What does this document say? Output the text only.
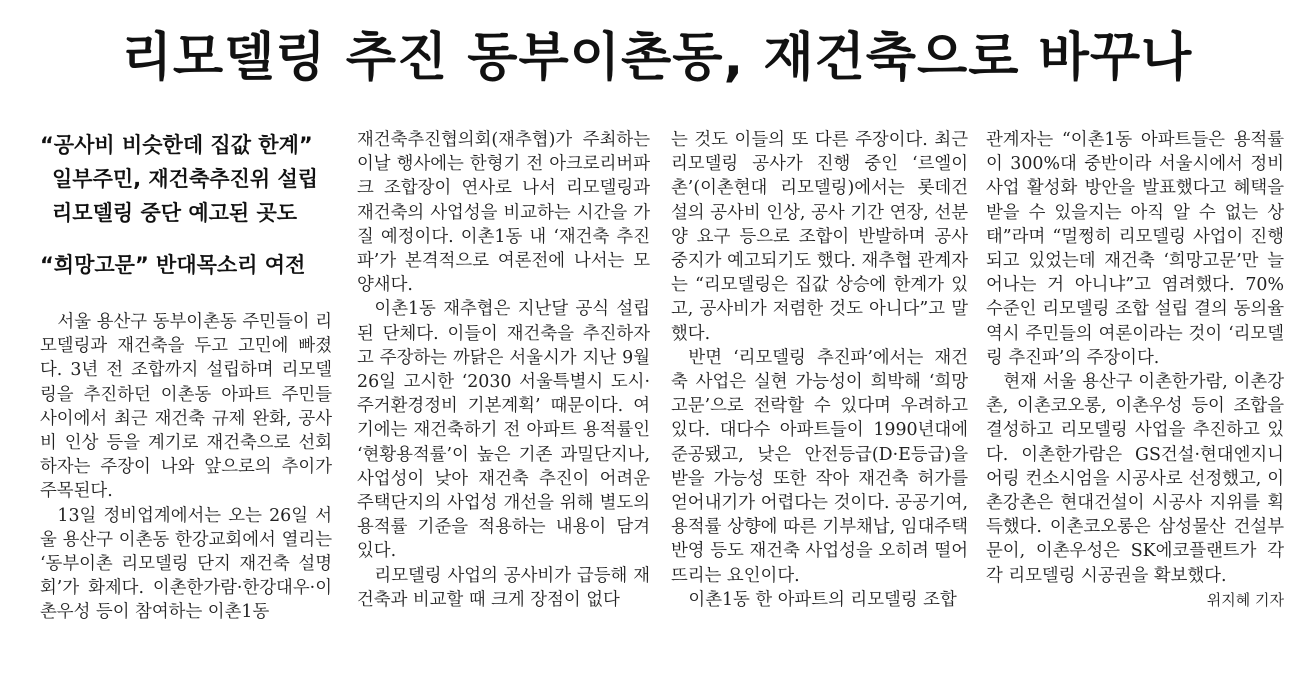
리모델링 추진 동부이촌동, 재건축으로 바꾸나
“공사비 비슷한데 집값 한계”
일부주민, 재건축추진위 설립
리모델링 중단 예고된 곳도
“희망고문” 반대목소리 여전

서울 용산구 동부이촌동 주민들이 리모델링과 재건축을 두고 고민에 빠졌다. 3년 전 조합까지 설립하며 리모델링을 추진하던 이촌동 아파트 주민들 사이에서 최근 재건축 규제 완화, 공사비 인상 등을 계기로 재건축으로 선회하자는 주장이 나와 앞으로의 추이가 주목된다.

13일 정비업계에서는 오는 26일 서울 용산구 이촌동 한강교회에서 열리는 ‘동부이촌 리모델링 단지 재건축 설명회’가 화제다. 이촌한가람·한강대우·이촌우성 등이 참여하는 이촌1동

재건축추진협의회(재추협)가 주최하는 이날 행사에는 한형기 전 아크로리버파크 조합장이 연사로 나서 리모델링과 재건축의 사업성을 비교하는 시간을 가질 예정이다. 이촌1동 내 ‘재건축 추진파’가 본격적으로 여론전에 나서는 모양새다.

이촌1동 재추협은 지난달 공식 설립된 단체다. 이들이 재건축을 추진하자고 주장하는 까닭은 서울시가 지난 9월 26일 고시한 ‘2030 서울특별시 도시·주거환경정비 기본계획’ 때문이다. 여기에는 재건축하기 전 아파트 용적률인 ‘현황용적률’이 높은 기존 과밀단지나, 사업성이 낮아 재건축 추진이 어려운 주택단지의 사업성 개선을 위해 별도의 용적률 기준을 적용하는 내용이 담겨 있다.

리모델링 사업의 공사비가 급등해 재건축과 비교할 때 크게 장점이 없다

는 것도 이들의 또 다른 주장이다. 최근 리모델링 공사가 진행 중인 ‘르엘이촌’(이촌현대 리모델링)에서는 롯데건설의 공사비 인상, 공사 기간 연장, 선분양 요구 등으로 조합이 반발하며 공사 중지가 예고되기도 했다. 재추협 관계자는 “리모델링은 집값 상승에 한계가 있고, 공사비가 저렴한 것도 아니다”고 말했다.

반면 ‘리모델링 추진파’에서는 재건축 사업은 실현 가능성이 희박해 ‘희망고문’으로 전락할 수 있다며 우려하고 있다. 대다수 아파트들이 1990년대에 준공됐고, 낮은 안전등급(D·E등급)을 받을 가능성 또한 작아 재건축 허가를 얻어내기가 어렵다는 것이다. 공공기여, 용적률 상향에 따른 기부채납, 임대주택 반영 등도 재건축 사업성을 오히려 떨어뜨리는 요인이다.

이촌1동 한 아파트의 리모델링 조합

관계자는 “이촌1동 아파트들은 용적률이 300%대 중반이라 서울시에서 정비사업 활성화 방안을 발표했다고 혜택을 받을 수 있을지는 아직 알 수 없는 상태”라며 “멀쩡히 리모델링 사업이 진행되고 있었는데 재건축 ‘희망고문’만 늘어나는 거 아니냐”고 염려했다. 70% 수준인 리모델링 조합 설립 결의 동의율 역시 주민들의 여론이라는 것이 ‘리모델링 추진파’의 주장이다.

현재 서울 용산구 이촌한가람, 이촌강촌, 이촌코오롱, 이촌우성 등이 조합을 결성하고 리모델링 사업을 추진하고 있다. 이촌한가람은 GS건설·현대엔지니어링 컨소시엄을 시공사로 선정했고, 이촌강촌은 현대건설이 시공사 지위를 획득했다. 이촌코오롱은 삼성물산 건설부문이, 이촌우성은 SK에코플랜트가 각각 리모델링 시공권을 확보했다.
위지혜 기자
